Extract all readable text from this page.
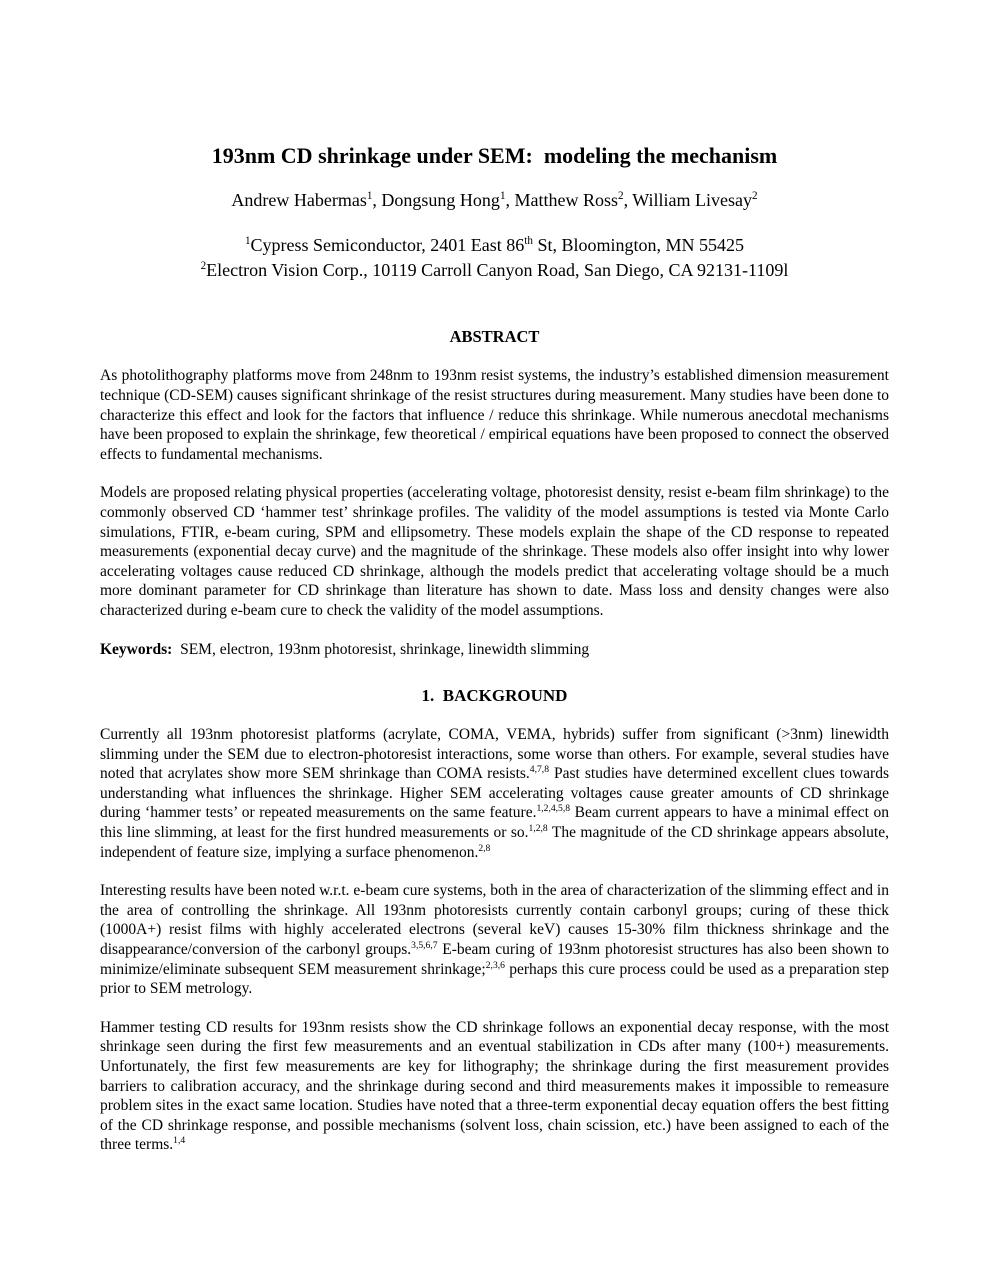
193nm CD shrinkage under SEM:  modeling the mechanism
Andrew Habermas$^1$, Dongsung Hong$^1$, Matthew Ross$^2$, William Livesay$^2$
$^1$Cypress Semiconductor, 2401 East 86th St, Bloomington, MN 55425
$^2$Electron Vision Corp., 10119 Carroll Canyon Road, San Diego, CA 92131-1109l
ABSTRACT

As photolithography platforms move from 248nm to 193nm resist systems, the industry’s established dimension measurement technique (CD-SEM) causes significant shrinkage of the resist structures during measurement. Many studies have been done to characterize this effect and look for the factors that influence / reduce this shrinkage. While numerous anecdotal mechanisms have been proposed to explain the shrinkage, few theoretical / empirical equations have been proposed to connect the observed effects to fundamental mechanisms.

Models are proposed relating physical properties (accelerating voltage, photoresist density, resist e-beam film shrinkage) to the commonly observed CD ‘hammer test’ shrinkage profiles. The validity of the model assumptions is tested via Monte Carlo simulations, FTIR, e-beam curing, SPM and ellipsometry. These models explain the shape of the CD response to repeated measurements (exponential decay curve) and the magnitude of the shrinkage. These models also offer insight into why lower accelerating voltages cause reduced CD shrinkage, although the models predict that accelerating voltage should be a much more dominant parameter for CD shrinkage than literature has shown to date. Mass loss and density changes were also characterized during e-beam cure to check the validity of the model assumptions.

Keywords:  SEM, electron, 193nm photoresist, shrinkage, linewidth slimming

1.  BACKGROUND

Currently all 193nm photoresist platforms (acrylate, COMA, VEMA, hybrids) suffer from significant (>3nm) linewidth slimming under the SEM due to electron-photoresist interactions, some worse than others. For example, several studies have noted that acrylates show more SEM shrinkage than COMA resists.$^{4,7,8}$ Past studies have determined excellent clues towards understanding what influences the shrinkage. Higher SEM accelerating voltages cause greater amounts of CD shrinkage during ‘hammer tests’ or repeated measurements on the same feature.$^{1,2,4,5,8}$ Beam current appears to have a minimal effect on this line slimming, at least for the first hundred measurements or so.$^{1,2,8}$ The magnitude of the CD shrinkage appears absolute, independent of feature size, implying a surface phenomenon.$^{2,8}$

Interesting results have been noted w.r.t. e-beam cure systems, both in the area of characterization of the slimming effect and in the area of controlling the shrinkage. All 193nm photoresists currently contain carbonyl groups; curing of these thick (1000A+) resist films with highly accelerated electrons (several keV) causes 15-30% film thickness shrinkage and the disappearance/conversion of the carbonyl groups.$^{3,5,6,7}$ E-beam curing of 193nm photoresist structures has also been shown to minimize/eliminate subsequent SEM measurement shrinkage;$^{2,3,6}$ perhaps this cure process could be used as a preparation step prior to SEM metrology.

Hammer testing CD results for 193nm resists show the CD shrinkage follows an exponential decay response, with the most shrinkage seen during the first few measurements and an eventual stabilization in CDs after many (100+) measurements. Unfortunately, the first few measurements are key for lithography; the shrinkage during the first measurement provides barriers to calibration accuracy, and the shrinkage during second and third measurements makes it impossible to remeasure problem sites in the exact same location. Studies have noted that a three-term exponential decay equation offers the best fitting of the CD shrinkage response, and possible mechanisms (solvent loss, chain scission, etc.) have been assigned to each of the three terms.$^{1,4}$
